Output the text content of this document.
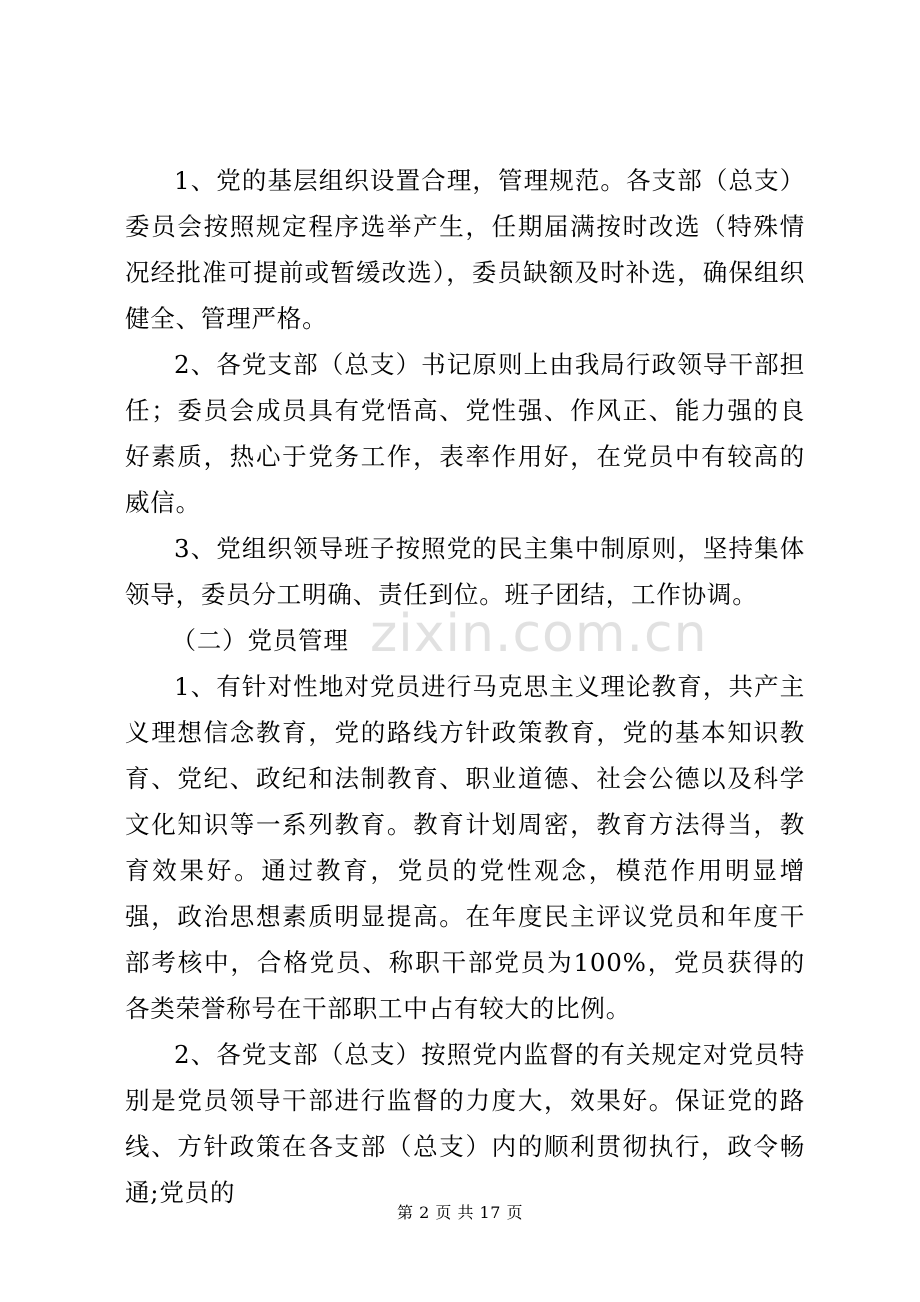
1、党的基层组织设置合理，管理规范。各支部（总支）委员会按照规定程序选举产生，任期届满按时改选（特殊情况经批准可提前或暂缓改选），委员缺额及时补选，确保组织健全、管理严格。

2、各党支部（总支）书记原则上由我局行政领导干部担任；委员会成员具有党悟高、党性强、作风正、能力强的良好素质，热心于党务工作，表率作用好，在党员中有较高的威信。

3、党组织领导班子按照党的民主集中制原则，坚持集体领导，委员分工明确、责任到位。班子团结，工作协调。

（二）党员管理

1、有针对性地对党员进行马克思主义理论教育，共产主义理想信念教育，党的路线方针政策教育，党的基本知识教育、党纪、政纪和法制教育、职业道德、社会公德以及科学文化知识等一系列教育。教育计划周密，教育方法得当，教育效果好。通过教育，党员的党性观念，模范作用明显增强，政治思想素质明显提高。在年度民主评议党员和年度干部考核中，合格党员、称职干部党员为100%，党员获得的各类荣誉称号在干部职工中占有较大的比例。

2、各党支部（总支）按照党内监督的有关规定对党员特别是党员领导干部进行监督的力度大，效果好。保证党的路线、方针政策在各支部（总支）内的顺利贯彻执行，政令畅通;党员的

zixin.com.cn
第 2 页 共 17 页
